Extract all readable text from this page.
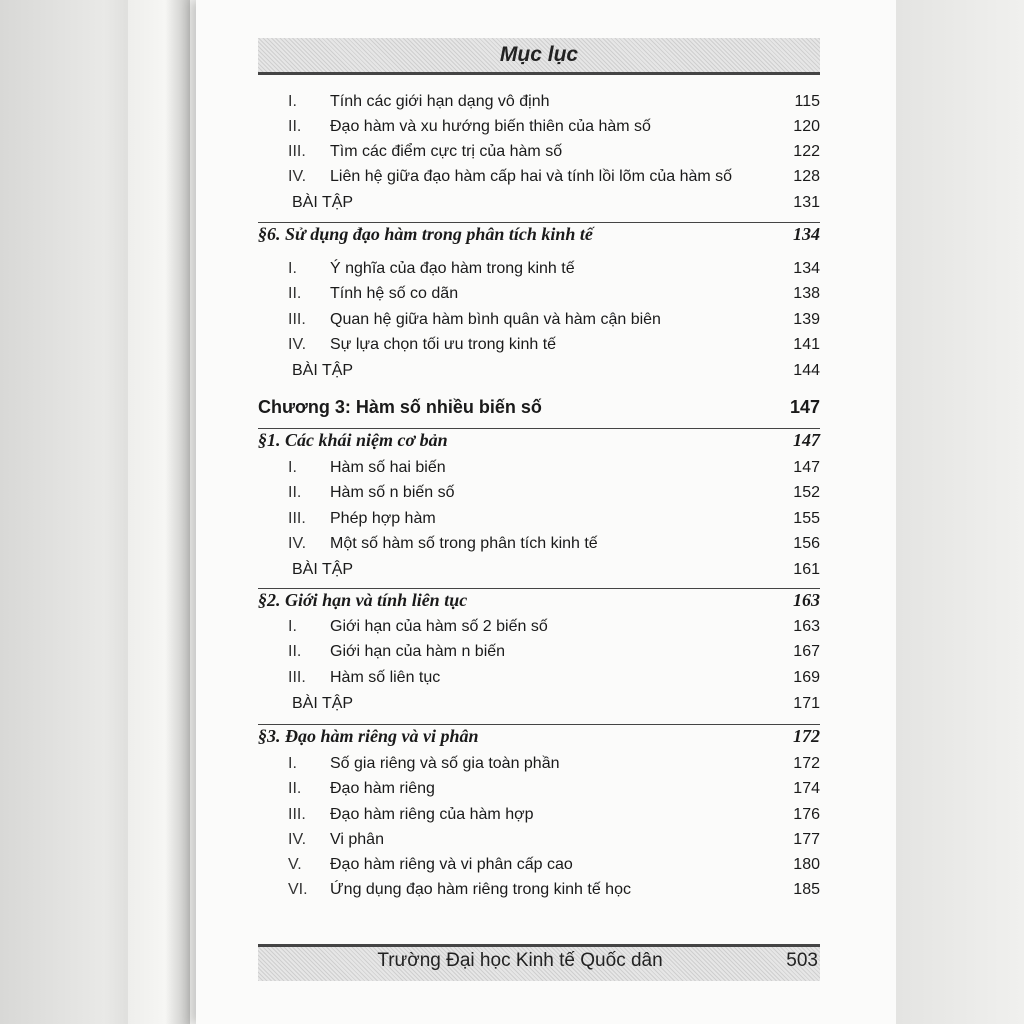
Mục lục
I. Tính các giới hạn dạng vô định	115
II. Đạo hàm và xu hướng biến thiên của hàm số	120
III. Tìm các điểm cực trị của hàm số	122
IV. Liên hệ giữa đạo hàm cấp hai và tính lồi lõm của hàm số	128
BÀI TẬP	131
§6. Sử dụng đạo hàm trong phân tích kinh tế	134
I. Ý nghĩa của đạo hàm trong kinh tế	134
II. Tính hệ số co dãn	138
III. Quan hệ giữa hàm bình quân và hàm cận biên	139
IV. Sự lựa chọn tối ưu trong kinh tế	141
BÀI TẬP	144
Chương 3: Hàm số nhiều biến số	147
§1. Các khái niệm cơ bản	147
I. Hàm số hai biến	147
II. Hàm số n biến số	152
III. Phép hợp hàm	155
IV. Một số hàm số trong phân tích kinh tế	156
BÀI TẬP	161
§2. Giới hạn và tính liên tục	163
I. Giới hạn của hàm số 2 biến số	163
II. Giới hạn của hàm n biến	167
III. Hàm số liên tục	169
BÀI TẬP	171
§3. Đạo hàm riêng và vi phân	172
I. Số gia riêng và số gia toàn phần	172
II. Đạo hàm riêng	174
III. Đạo hàm riêng của hàm hợp	176
IV. Vi phân	177
V. Đạo hàm riêng và vi phân cấp cao	180
VI. Ứng dụng đạo hàm riêng trong kinh tế học	185
Trường Đại học Kinh tế Quốc dân	503
